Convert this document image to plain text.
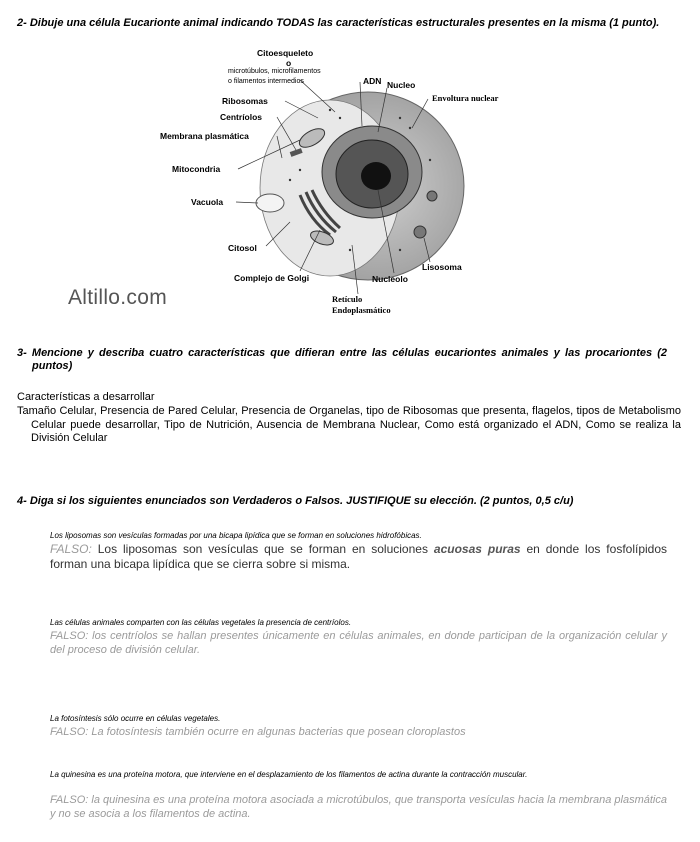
2- Dibuje una célula Eucarionte animal indicando TODAS las características estructurales presentes en la misma (1 punto).
Citoesqueleto
o
microtúbulos, microfilamentos
o filamentos intermedios	ADN Nucleo
Envoltura nuclear
Ribosomas
Centríolos
Membrana plasmática
Mitocondria
Vacuola
Citosol
Lisosoma
Complejo de Golgi	Nucleolo
Retículo
Endoplasmático
Altillo.com
3- Mencione y describa cuatro características que difieran entre las células eucariontes animales y las procariontes (2 puntos)
Características a desarrollar
Tamaño Celular, Presencia de Pared Celular, Presencia de Organelas, tipo de Ribosomas que presenta, flagelos, tipos de Metabolismo Celular puede desarrollar, Tipo de Nutrición, Ausencia de Membrana Nuclear, Como está organizado el ADN, Como se realiza la División Celular
4- Diga si los siguientes enunciados son Verdaderos o Falsos. JUSTIFIQUE su elección. (2 puntos, 0,5 c/u)
Los liposomas son vesículas formadas por una bicapa lipídica que se forman en soluciones hidrofóbicas.
FALSO: Los liposomas son vesículas que se forman en soluciones acuosas puras en donde los fosfolípidos forman una bicapa lipídica que se cierra sobre si misma.
Las células animales comparten con las células vegetales la presencia de centríolos.
FALSO: los centríolos se hallan presentes únicamente en células animales, en donde participan de la organización celular y del proceso de división celular.
La fotosíntesis sólo ocurre en células vegetales.
FALSO: La fotosíntesis también ocurre en algunas bacterias que posean cloroplastos
La quinesina es una proteína motora, que interviene en el desplazamiento de los filamentos de actina durante la contracción muscular.
FALSO: la quinesina es una proteína motora asociada a microtúbulos, que transporta vesículas hacia la membrana plasmática y no se asocia a los filamentos de actina.
